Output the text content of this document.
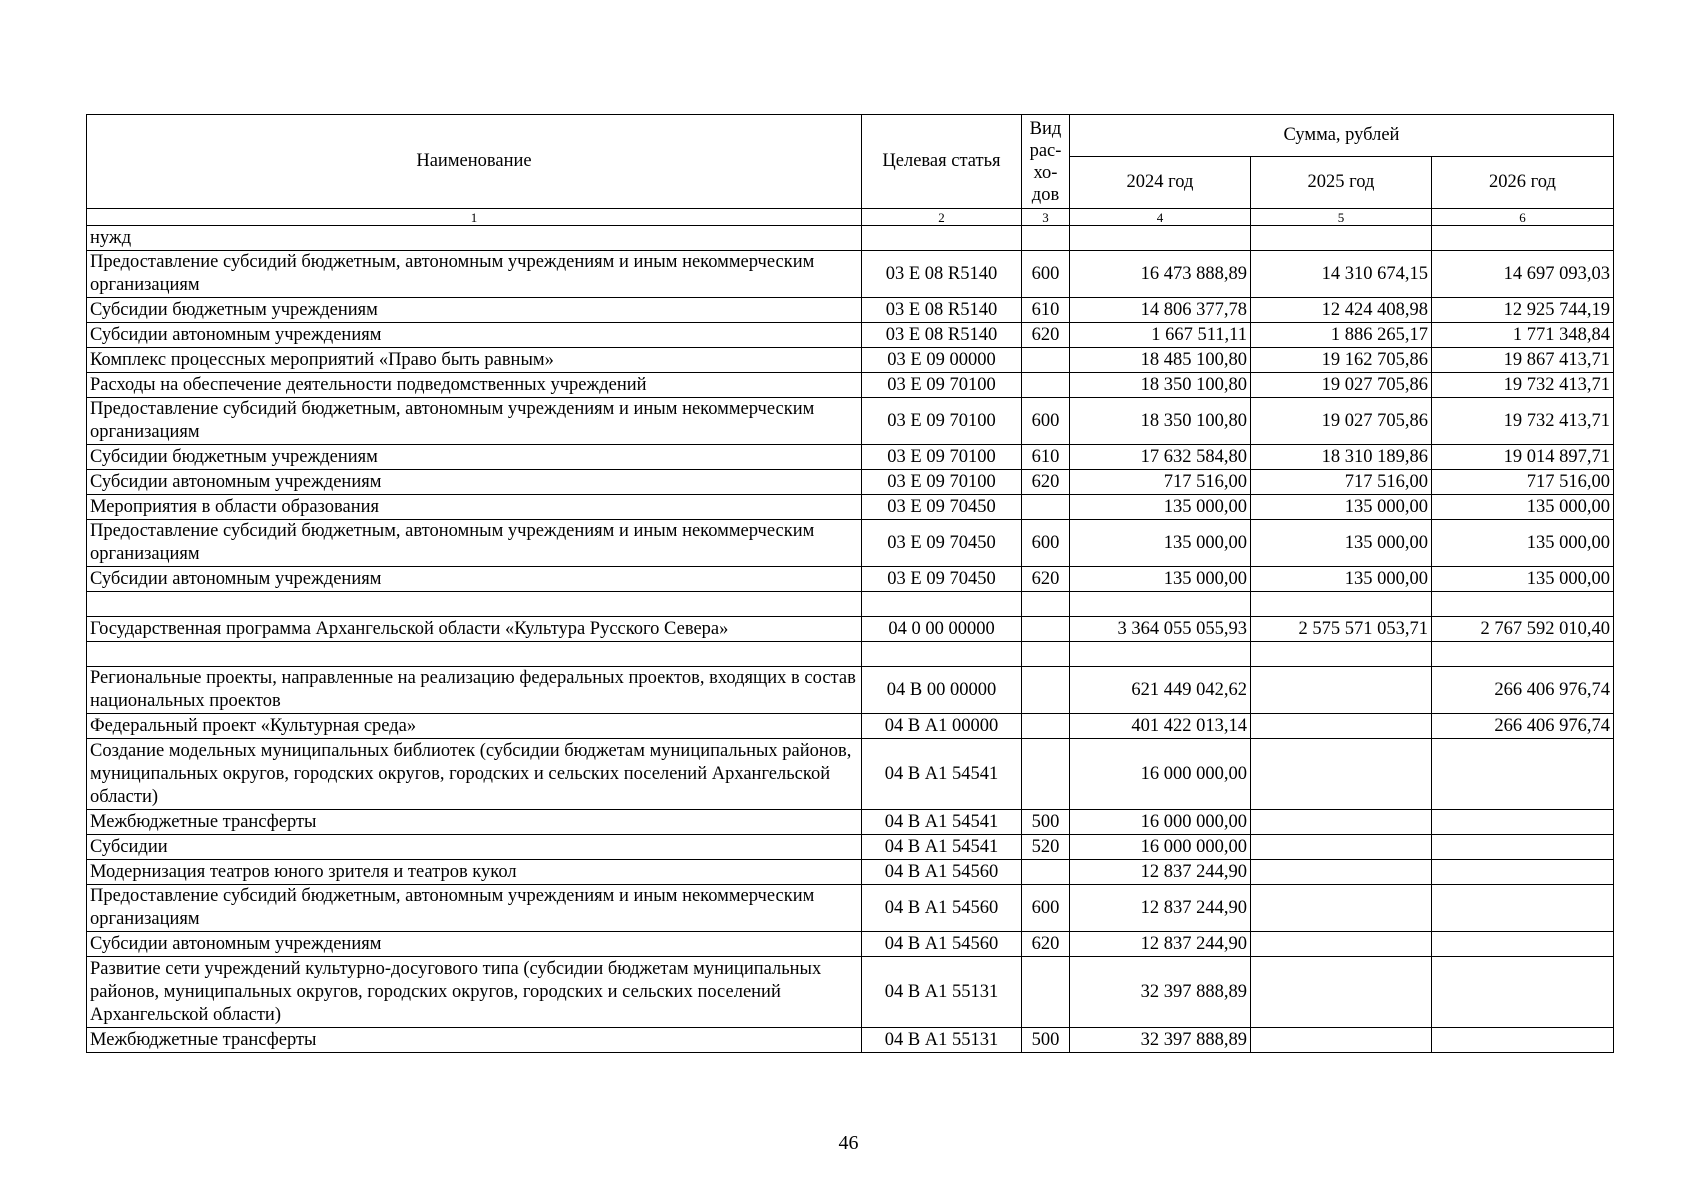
Наименование	Целевая статья	Вид
рас-
хо-
дов	Сумма, рублей		
			2024 год	2025 год	2026 год
1	2	3	4	5	6
нужд					
Предоставление субсидий бюджетным, автономным учреждениям и иным некоммерческим организациям	03 Е 08 R5140	600	16 473 888,89	14 310 674,15	14 697 093,03
Субсидии бюджетным учреждениям	03 Е 08 R5140	610	14 806 377,78	12 424 408,98	12 925 744,19
Субсидии автономным учреждениям	03 Е 08 R5140	620	1 667 511,11	1 886 265,17	1 771 348,84
Комплекс процессных мероприятий «Право быть равным»	03 Е 09 00000		18 485 100,80	19 162 705,86	19 867 413,71
Расходы на обеспечение деятельности подведомственных учреждений	03 Е 09 70100		18 350 100,80	19 027 705,86	19 732 413,71
Предоставление субсидий бюджетным, автономным учреждениям и иным некоммерческим организациям	03 Е 09 70100	600	18 350 100,80	19 027 705,86	19 732 413,71
Субсидии бюджетным учреждениям	03 Е 09 70100	610	17 632 584,80	18 310 189,86	19 014 897,71
Субсидии автономным учреждениям	03 Е 09 70100	620	717 516,00	717 516,00	717 516,00
Мероприятия в области образования	03 Е 09 70450		135 000,00	135 000,00	135 000,00
Предоставление субсидий бюджетным, автономным учреждениям и иным некоммерческим организациям	03 Е 09 70450	600	135 000,00	135 000,00	135 000,00
Субсидии автономным учреждениям	03 Е 09 70450	620	135 000,00	135 000,00	135 000,00

Государственная программа Архангельской области «Культура Русского Севера»	04 0 00 00000		3 364 055 055,93	2 575 571 053,71	2 767 592 010,40

Региональные проекты, направленные на реализацию федеральных проектов, входящих в состав национальных проектов	04 В 00 00000		621 449 042,62		266 406 976,74
Федеральный проект «Культурная среда»	04 В А1 00000		401 422 013,14		266 406 976,74
Создание модельных муниципальных библиотек (субсидии бюджетам муниципальных районов, муниципальных округов, городских округов, городских и сельских поселений Архангельской области)	04 В А1 54541		16 000 000,00		
Межбюджетные трансферты	04 В А1 54541	500	16 000 000,00		
Субсидии	04 В А1 54541	520	16 000 000,00		
Модернизация театров юного зрителя и театров кукол	04 В А1 54560		12 837 244,90		
Предоставление субсидий бюджетным, автономным учреждениям и иным некоммерческим организациям	04 В А1 54560	600	12 837 244,90		
Субсидии автономным учреждениям	04 В А1 54560	620	12 837 244,90		
Развитие сети учреждений культурно-досугового типа (субсидии бюджетам муниципальных районов, муниципальных округов, городских округов, городских и сельских поселений Архангельской области)	04 В А1 55131		32 397 888,89		
Межбюджетные трансферты	04 В А1 55131	500	32 397 888,89		
46
